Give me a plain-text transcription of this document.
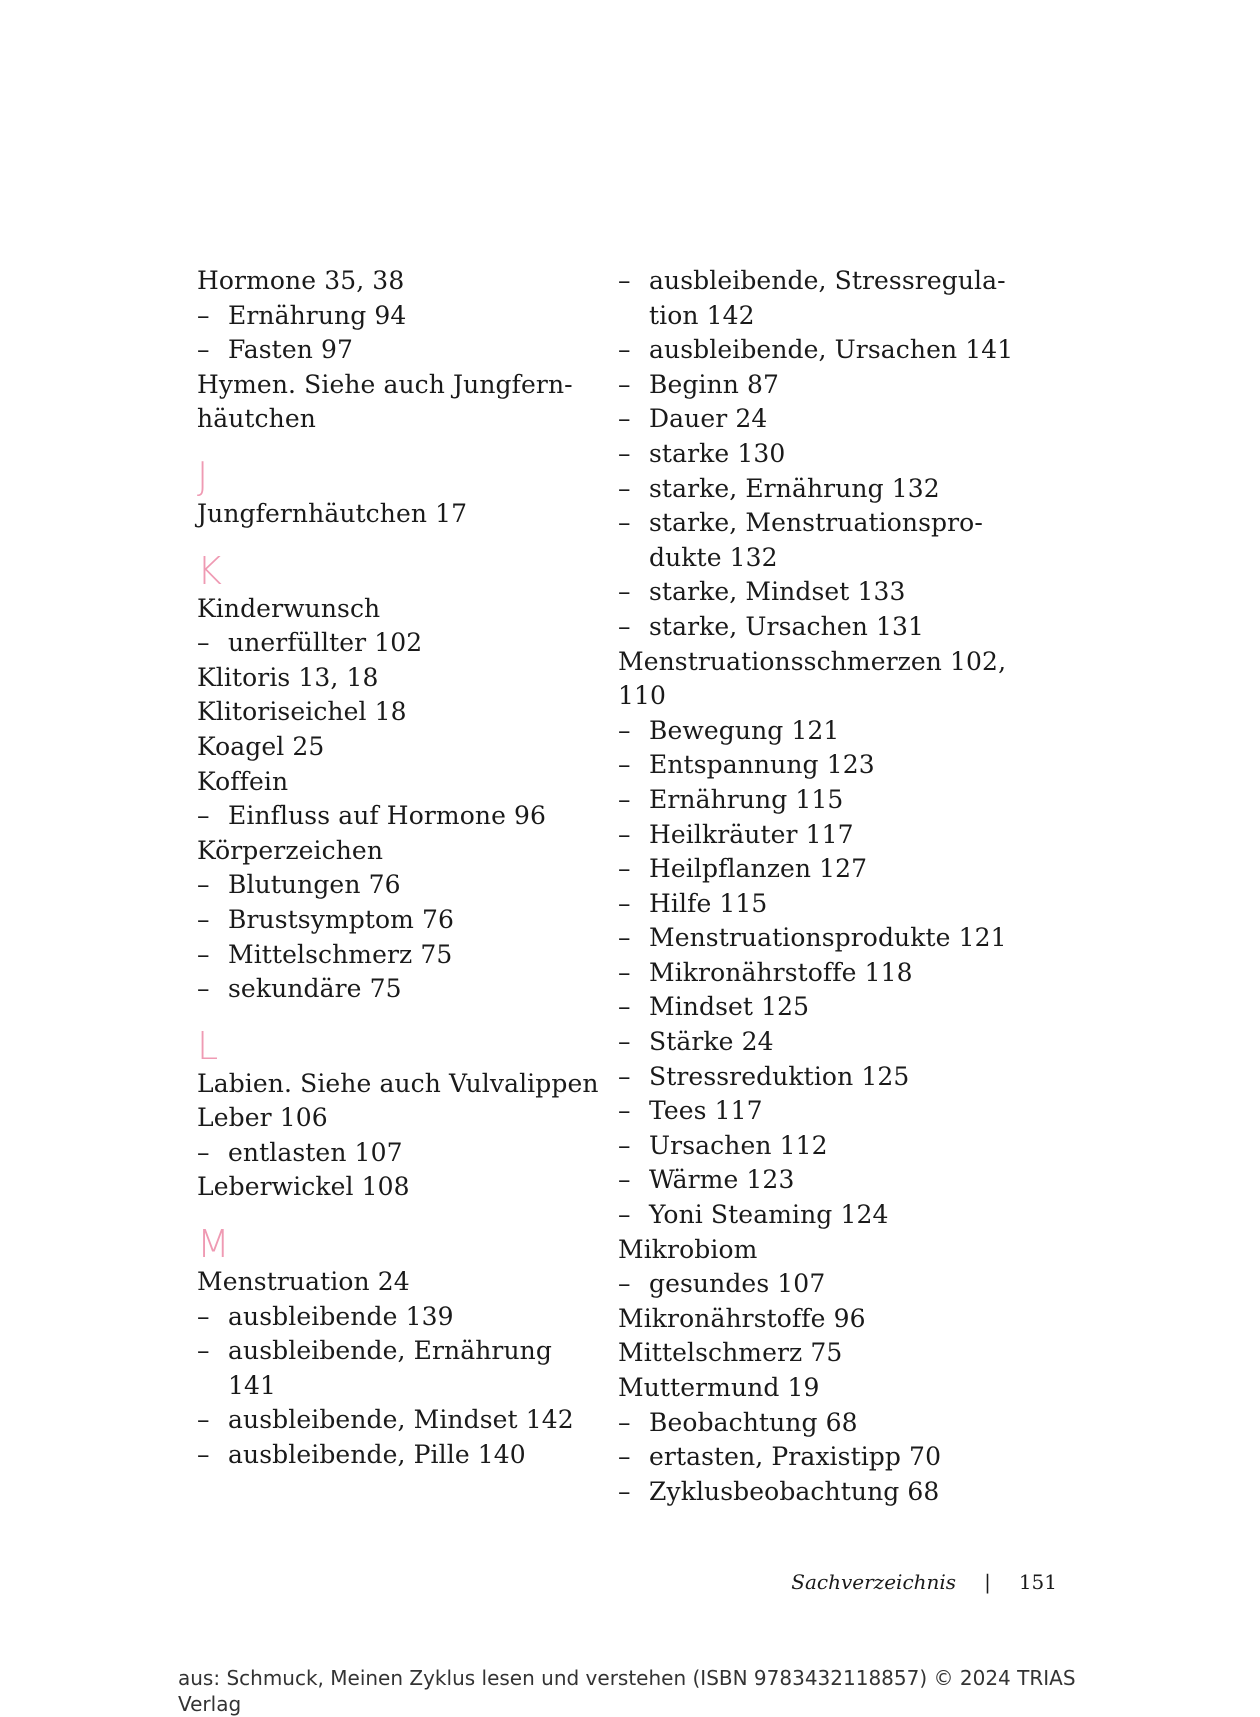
Hormone 35, 38
– Ernährung 94
– Fasten 97
Hymen. Siehe auch Jungfern-
häutchen
J
Jungfernhäutchen 17
K
Kinderwunsch
– unerfüllter 102
Klitoris 13, 18
Klitoriseichel 18
Koagel 25
Koffein
– Einfluss auf Hormone 96
Körperzeichen
– Blutungen 76
– Brustsymptom 76
– Mittelschmerz 75
– sekundäre 75
L
Labien. Siehe auch Vulvalippen
Leber 106
– entlasten 107
Leberwickel 108
M
Menstruation 24
– ausbleibende 139
– ausbleibende, Ernährung
141
– ausbleibende, Mindset 142
– ausbleibende, Pille 140
– ausbleibende, Stressregula-
tion 142
– ausbleibende, Ursachen 141
– Beginn 87
– Dauer 24
– starke 130
– starke, Ernährung 132
– starke, Menstruationspro-
dukte 132
– starke, Mindset 133
– starke, Ursachen 131
Menstruationsschmerzen 102,
110
– Bewegung 121
– Entspannung 123
– Ernährung 115
– Heilkräuter 117
– Heilpflanzen 127
– Hilfe 115
– Menstruationsprodukte 121
– Mikronährstoffe 118
– Mindset 125
– Stärke 24
– Stressreduktion 125
– Tees 117
– Ursachen 112
– Wärme 123
– Yoni Steaming 124
Mikrobiom
– gesundes 107
Mikronährstoffe 96
Mittelschmerz 75
Muttermund 19
– Beobachtung 68
– ertasten, Praxistipp 70
– Zyklusbeobachtung 68
Sachverzeichnis | 151
aus: Schmuck, Meinen Zyklus lesen und verstehen (ISBN 9783432118857) © 2024 TRIAS Verlag
